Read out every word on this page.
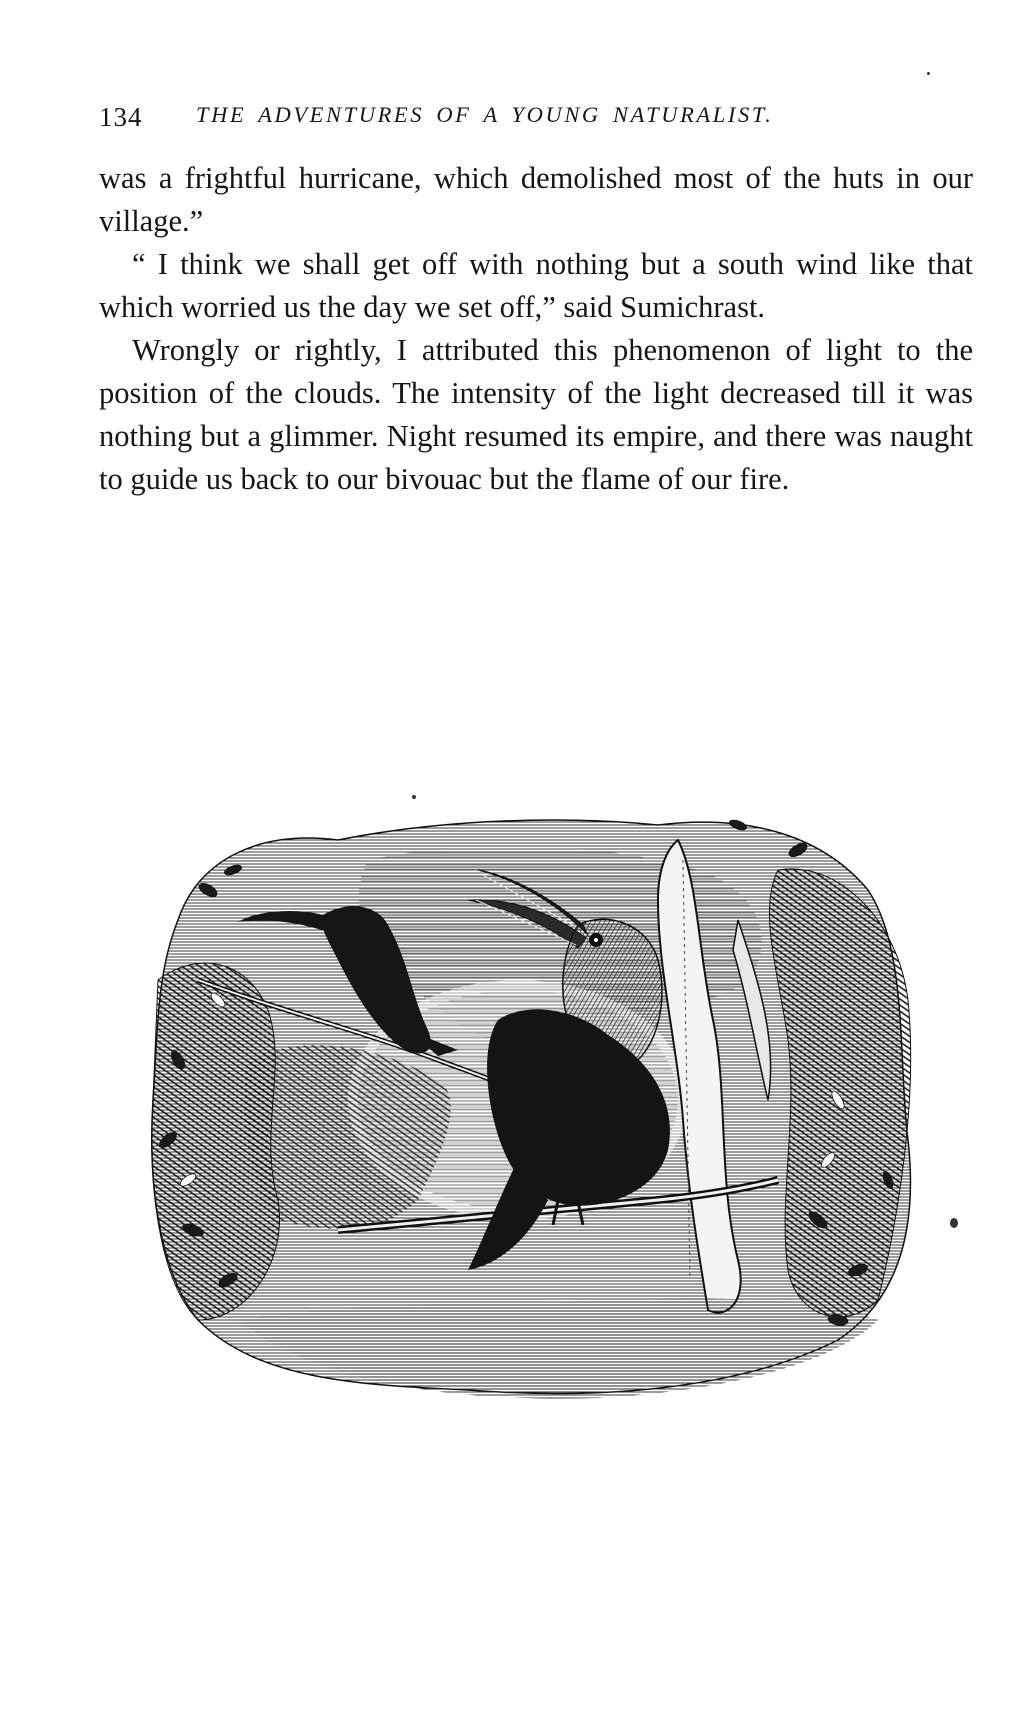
134 THE ADVENTURES OF A YOUNG NATURALIST.

was a frightful hurricane, which demolished most of the huts in our village.”

“ I think we shall get off with nothing but a south wind like that which worried us the day we set off,” said Sumichrast.

Wrongly or rightly, I attributed this phenomenon of light to the position of the clouds. The intensity of the light decreased till it was nothing but a glimmer. Night resumed its empire, and there was naught to guide us back to our bivouac but the flame of our fire.
